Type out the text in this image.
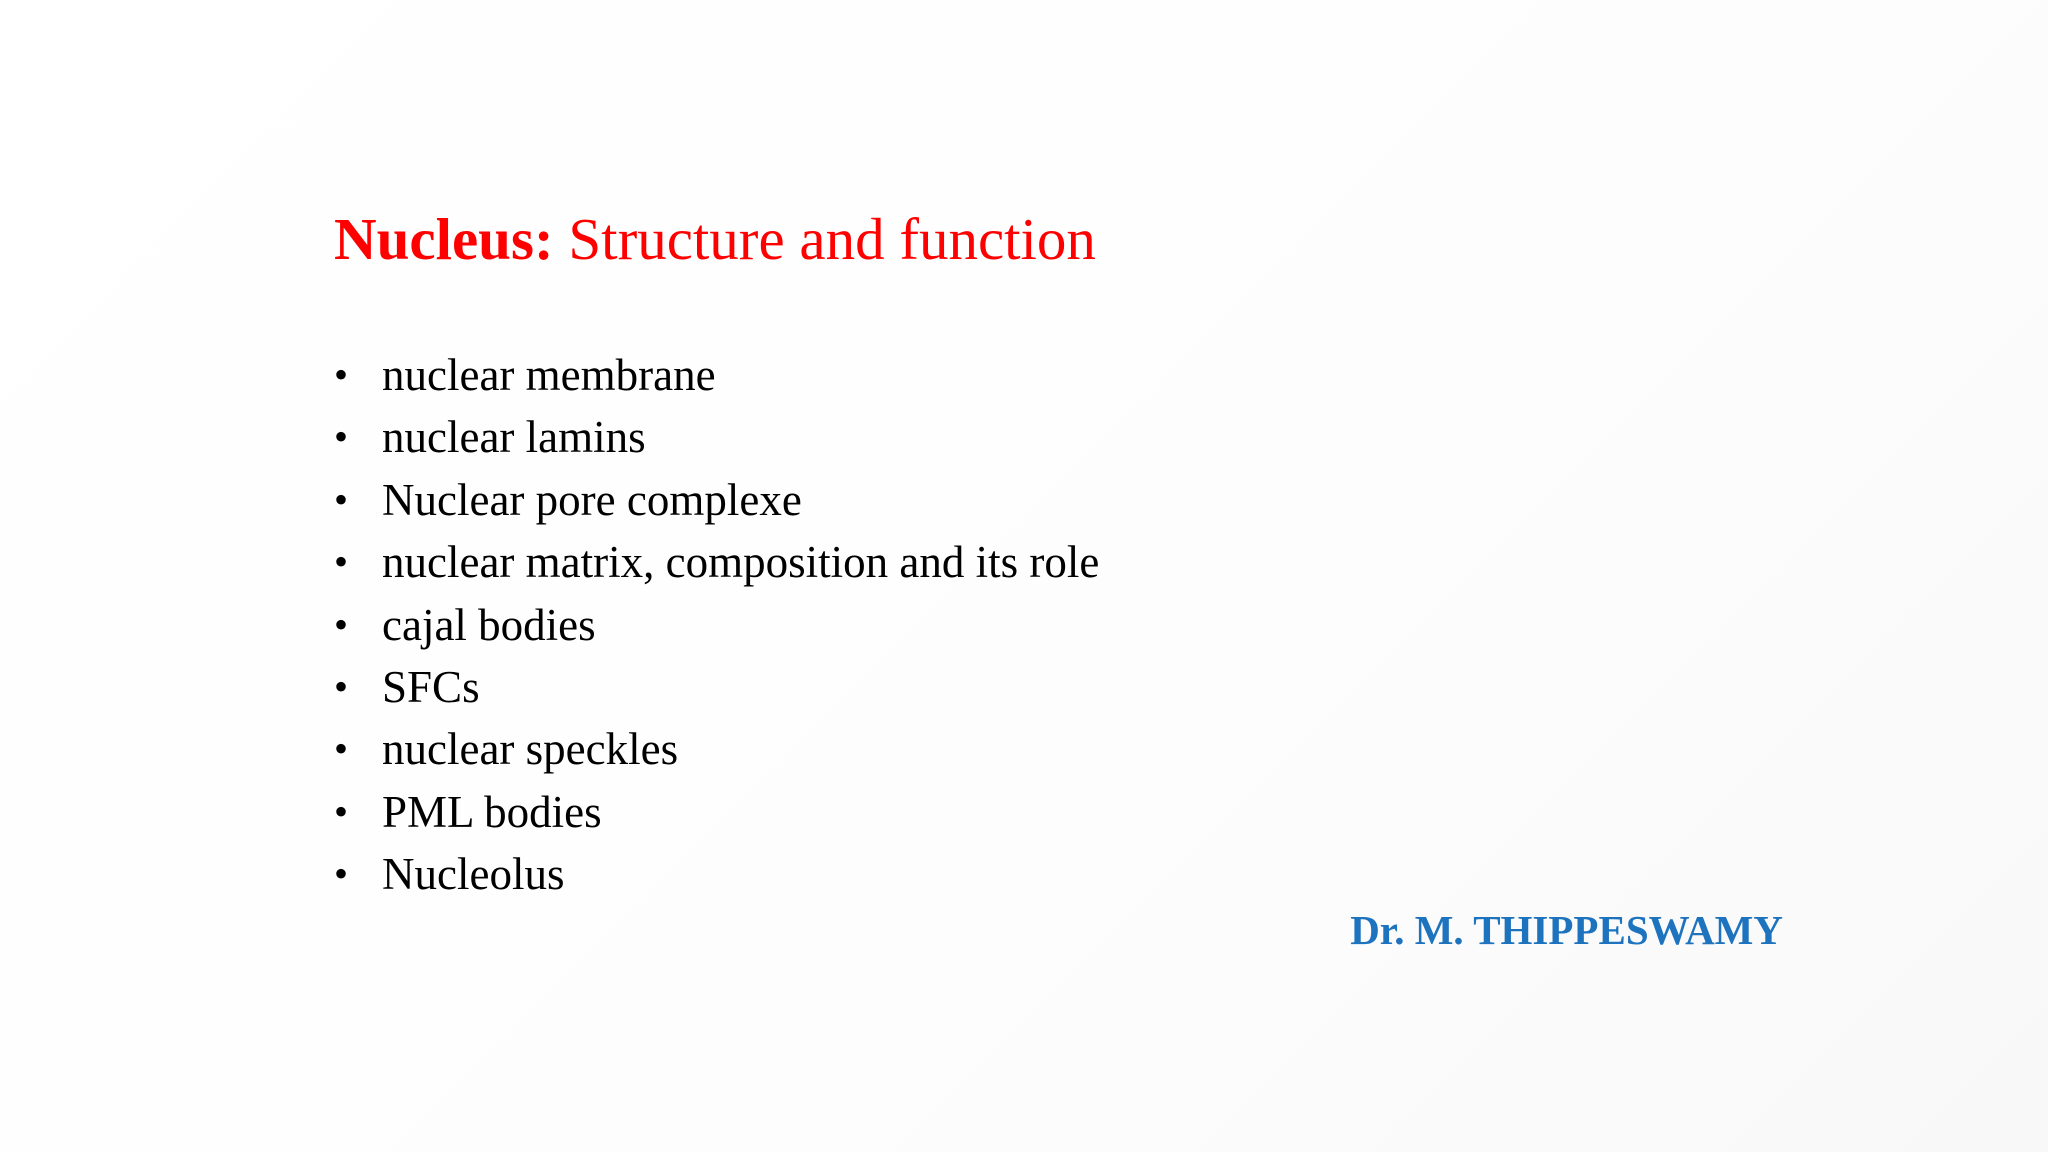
Nucleus: Structure and function
• nuclear membrane
• nuclear lamins
• Nuclear pore complexe
• nuclear matrix, composition and its role
• cajal bodies
• SFCs
• nuclear speckles
• PML bodies
• Nucleolus

Dr. M. THIPPESWAMY
